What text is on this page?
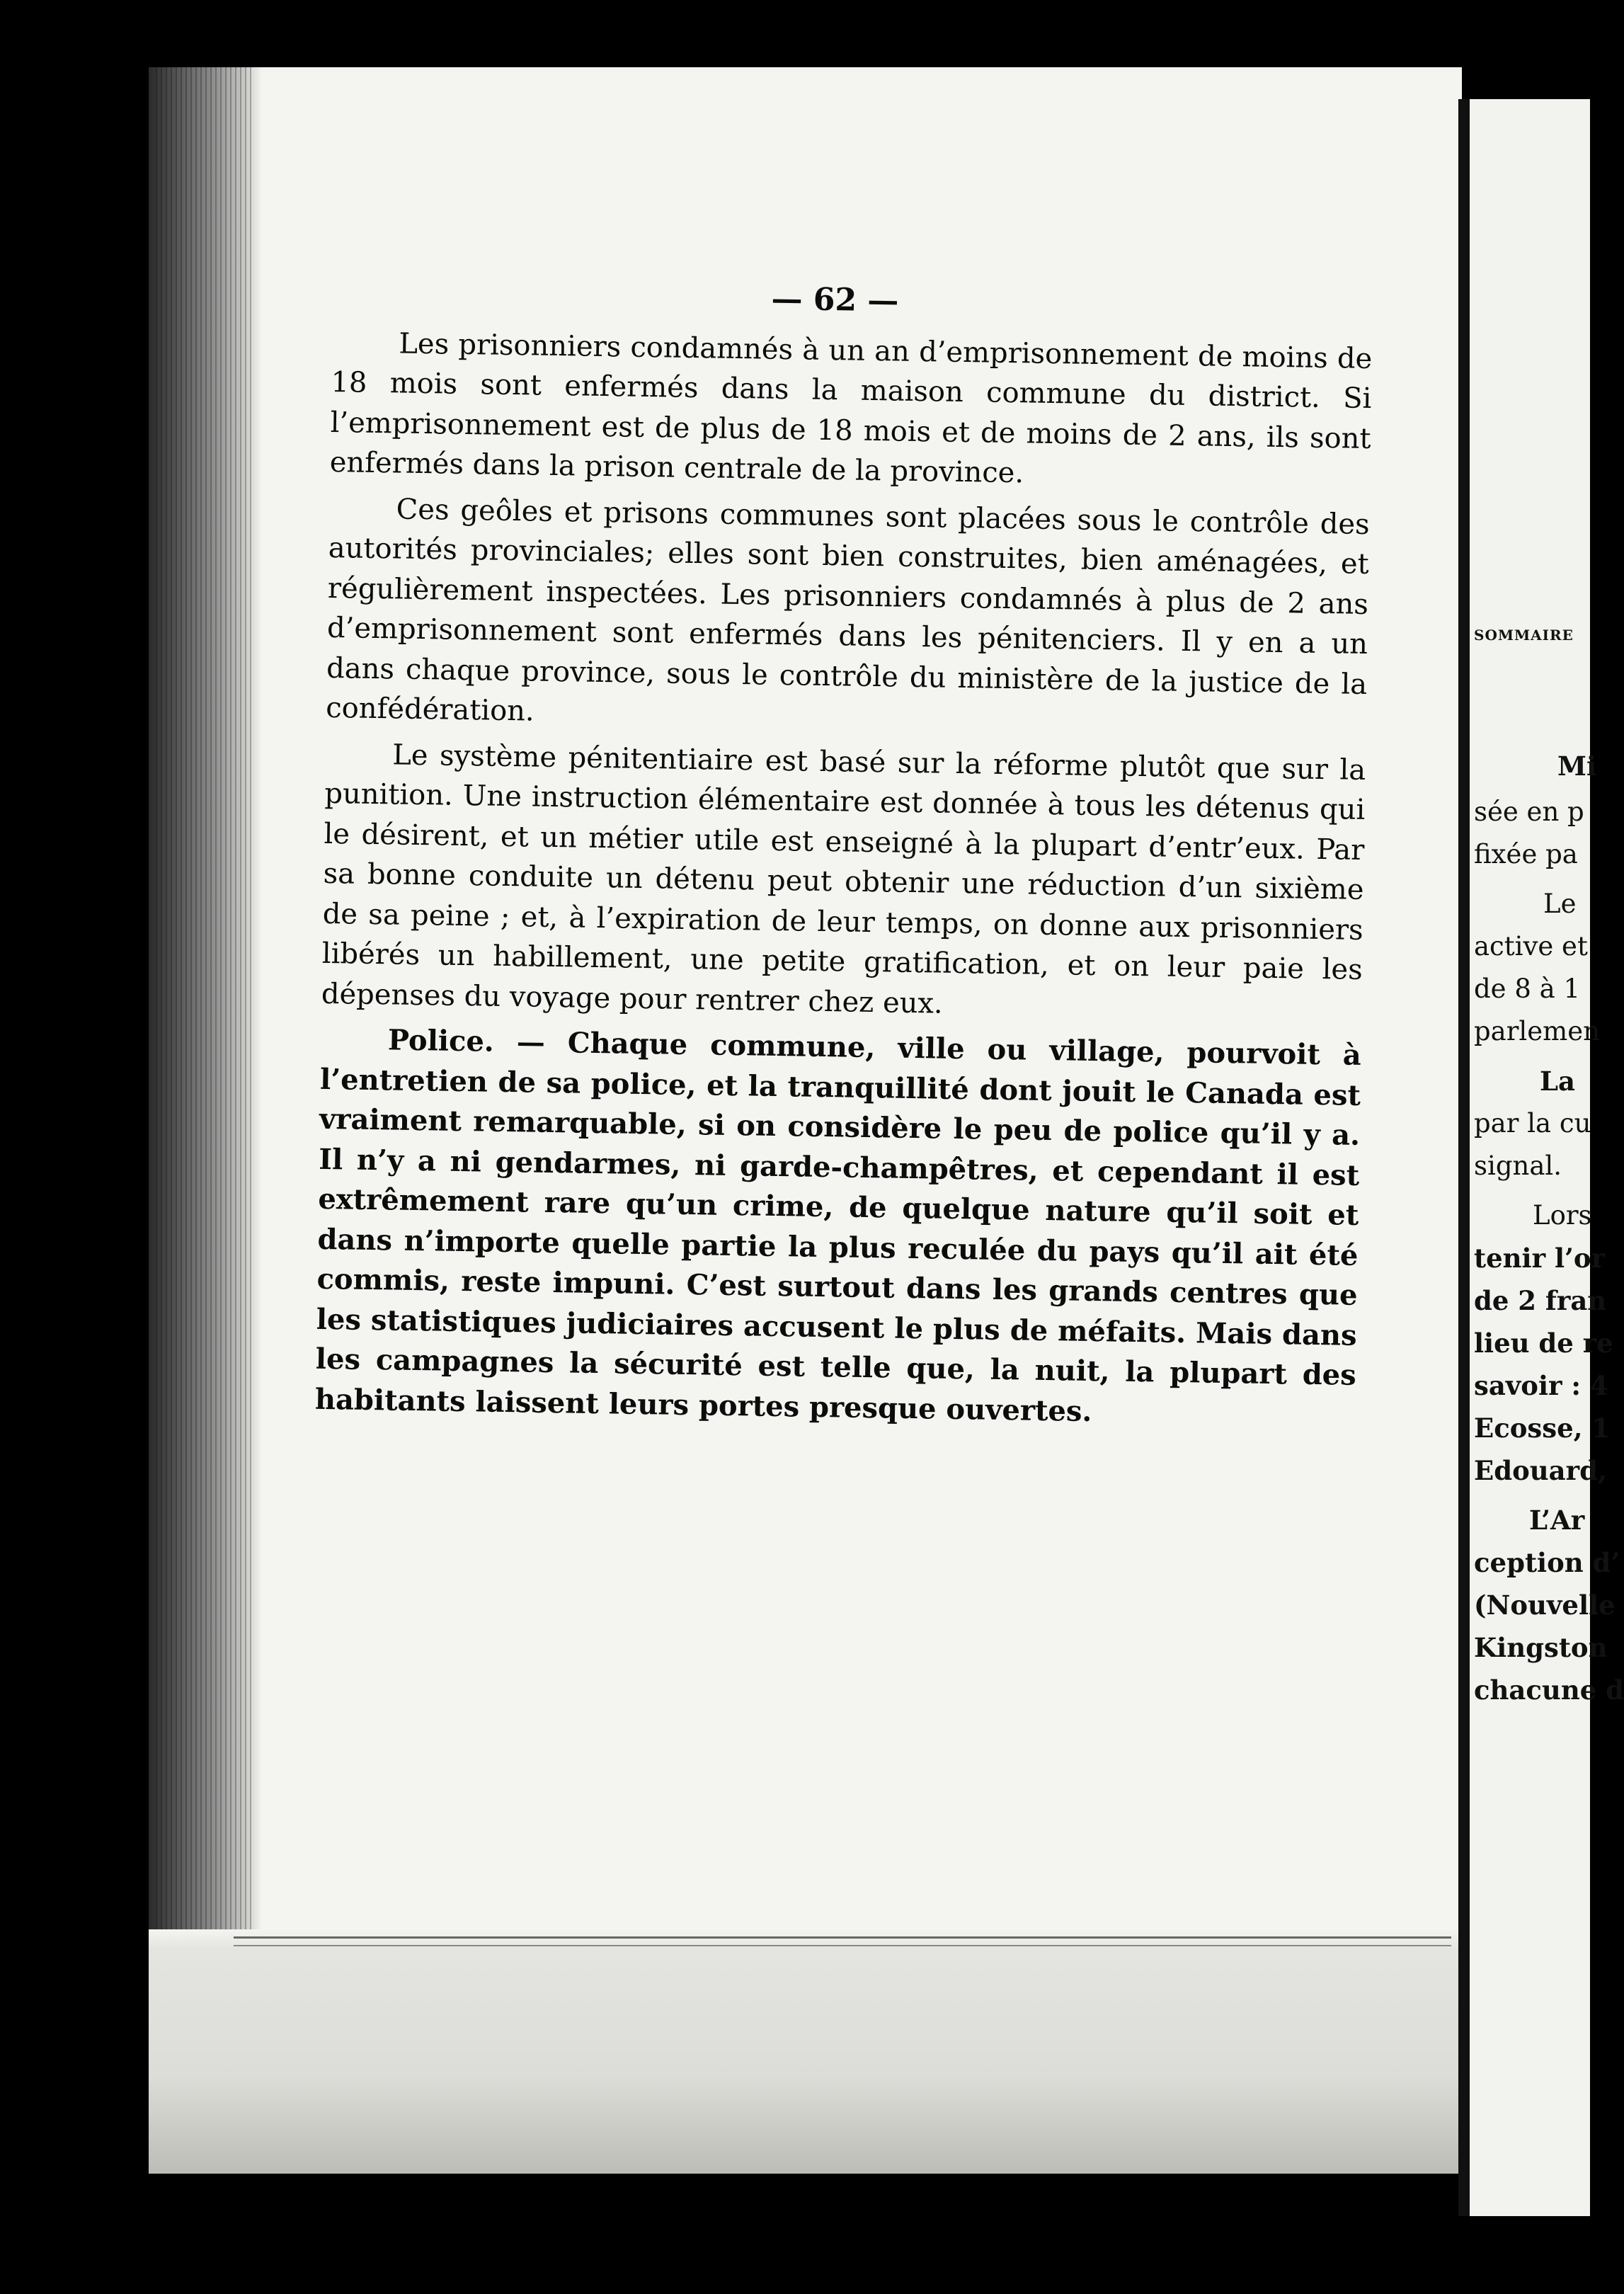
— 62 —

Les prisonniers condamnés à un an d’emprisonnement de moins de 18 mois sont enfermés dans la maison commune du district. Si l’emprisonnement est de plus de 18 mois et de moins de 2 ans, ils sont enfermés dans la prison centrale de la province.

Ces geôles et prisons communes sont placées sous le contrôle des autorités provinciales; elles sont bien construites, bien aménagées, et régulièrement inspectées. Les prisonniers condamnés à plus de 2 ans d’emprisonnement sont enfermés dans les pénitenciers. Il y en a un dans chaque province, sous le contrôle du ministère de la justice de la confédération.

Le système pénitentiaire est basé sur la réforme plutôt que sur la punition. Une instruction élémentaire est donnée à tous les détenus qui le désirent, et un métier utile est enseigné à la plupart d’entr’eux. Par sa bonne conduite un détenu peut obtenir une réduction d’un sixième de sa peine ; et, à l’expiration de leur temps, on donne aux prisonniers libérés un habillement, une petite gratification, et on leur paie les dépenses du voyage pour rentrer chez eux.

Police. — Chaque commune, ville ou village, pourvoit à l’entretien de sa police, et la tranquillité dont jouit le Canada est vraiment remarquable, si on considère le peu de police qu’il y a. Il n’y a ni gendarmes, ni garde-champêtres, et cependant il est extrêmement rare qu’un crime, de quelque nature qu’il soit et dans n’importe quelle partie la plus reculée du pays qu’il ait été commis, reste impuni. C’est surtout dans les grands centres que les statistiques judiciaires accusent le plus de méfaits. Mais dans les campagnes la sécurité est telle que, la nuit, la plupart des habitants laissent leurs portes presque ouvertes.

SOMMAIRE
Mi
sée en p
fixée pa
Le
active et
de 8 à 1
parlemen
La
par la cu
signal.
Lors
tenir l’or
de 2 fran
lieu de re
savoir : 4
Ecosse, 1
Edouard,
L’Ar
ception d’
(Nouvelle
Kingston
chacune d
